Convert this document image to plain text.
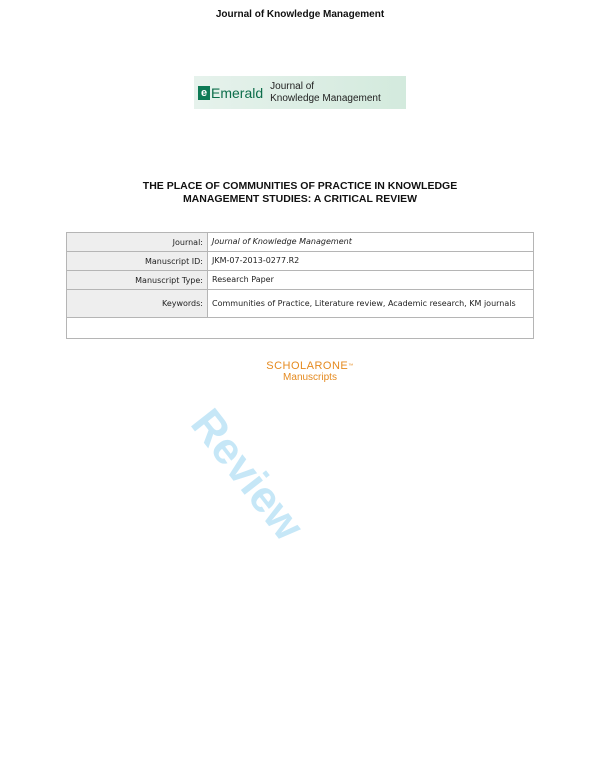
Journal of Knowledge Management
e Emerald Journal of
Knowledge Management
THE PLACE OF COMMUNITIES OF PRACTICE IN KNOWLEDGE
MANAGEMENT STUDIES: A CRITICAL REVIEW
Journal:	Journal of Knowledge Management
Manuscript ID:	JKM-07-2013-0277.R2
Manuscript Type:	Research Paper
Keywords:	Communities of Practice, Literature review, Academic research, KM journals

SCHOLARONE™
Manuscripts
Review
